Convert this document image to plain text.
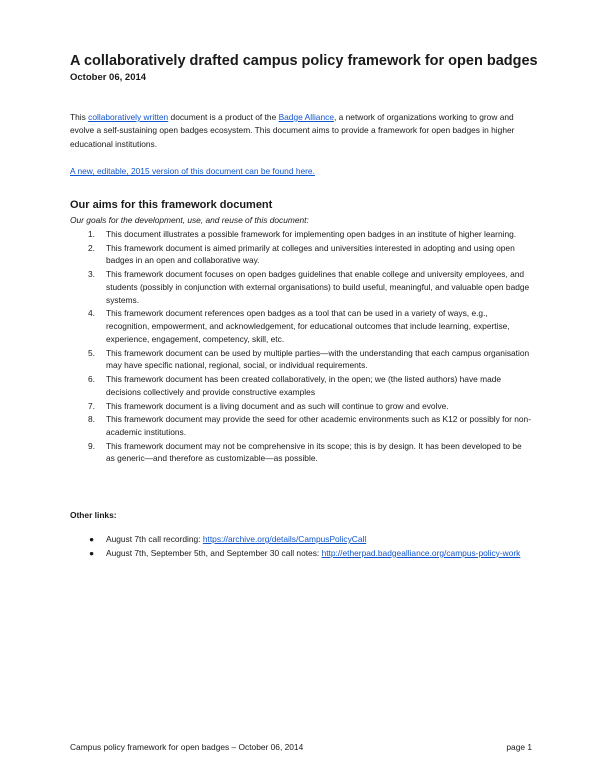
A collaboratively drafted campus policy framework for open badges
October 06, 2014
This collaboratively written document is a product of the Badge Alliance, a network of organizations working to grow and evolve a self-sustaining open badges ecosystem. This document aims to provide a framework for open badges in higher educational institutions.
A new, editable, 2015 version of this document can be found here.
Our aims for this framework document
Our goals for the development, use, and reuse of this document:
1. This document illustrates a possible framework for implementing open badges in an institute of higher learning.
2. This framework document is aimed primarily at colleges and universities interested in adopting and using open badges in an open and collaborative way.
3. This framework document focuses on open badges guidelines that enable college and university employees, and students (possibly in conjunction with external organisations) to build useful, meaningful, and valuable open badge systems.
4. This framework document references open badges as a tool that can be used in a variety of ways, e.g., recognition, empowerment, and acknowledgement, for educational outcomes that include learning, expertise, experience, engagement, competency, skill, etc.
5. This framework document can be used by multiple parties—with the understanding that each campus organisation may have specific national, regional, social, or individual requirements.
6. This framework document has been created collaboratively, in the open; we (the listed authors) have made decisions collectively and provide constructive examples
7. This framework document is a living document and as such will continue to grow and evolve.
8. This framework document may provide the seed for other academic environments such as K12 or possibly for non-academic institutions.
9. This framework document may not be comprehensive in its scope; this is by design. It has been developed to be as generic—and therefore as customizable—as possible.
Other links:
● August 7th call recording: https://archive.org/details/CampusPolicyCall
● August 7th, September 5th, and September 30 call notes: http://etherpad.badgealliance.org/campus-policy-work
Campus policy framework for open badges – October 06, 2014	page 1
